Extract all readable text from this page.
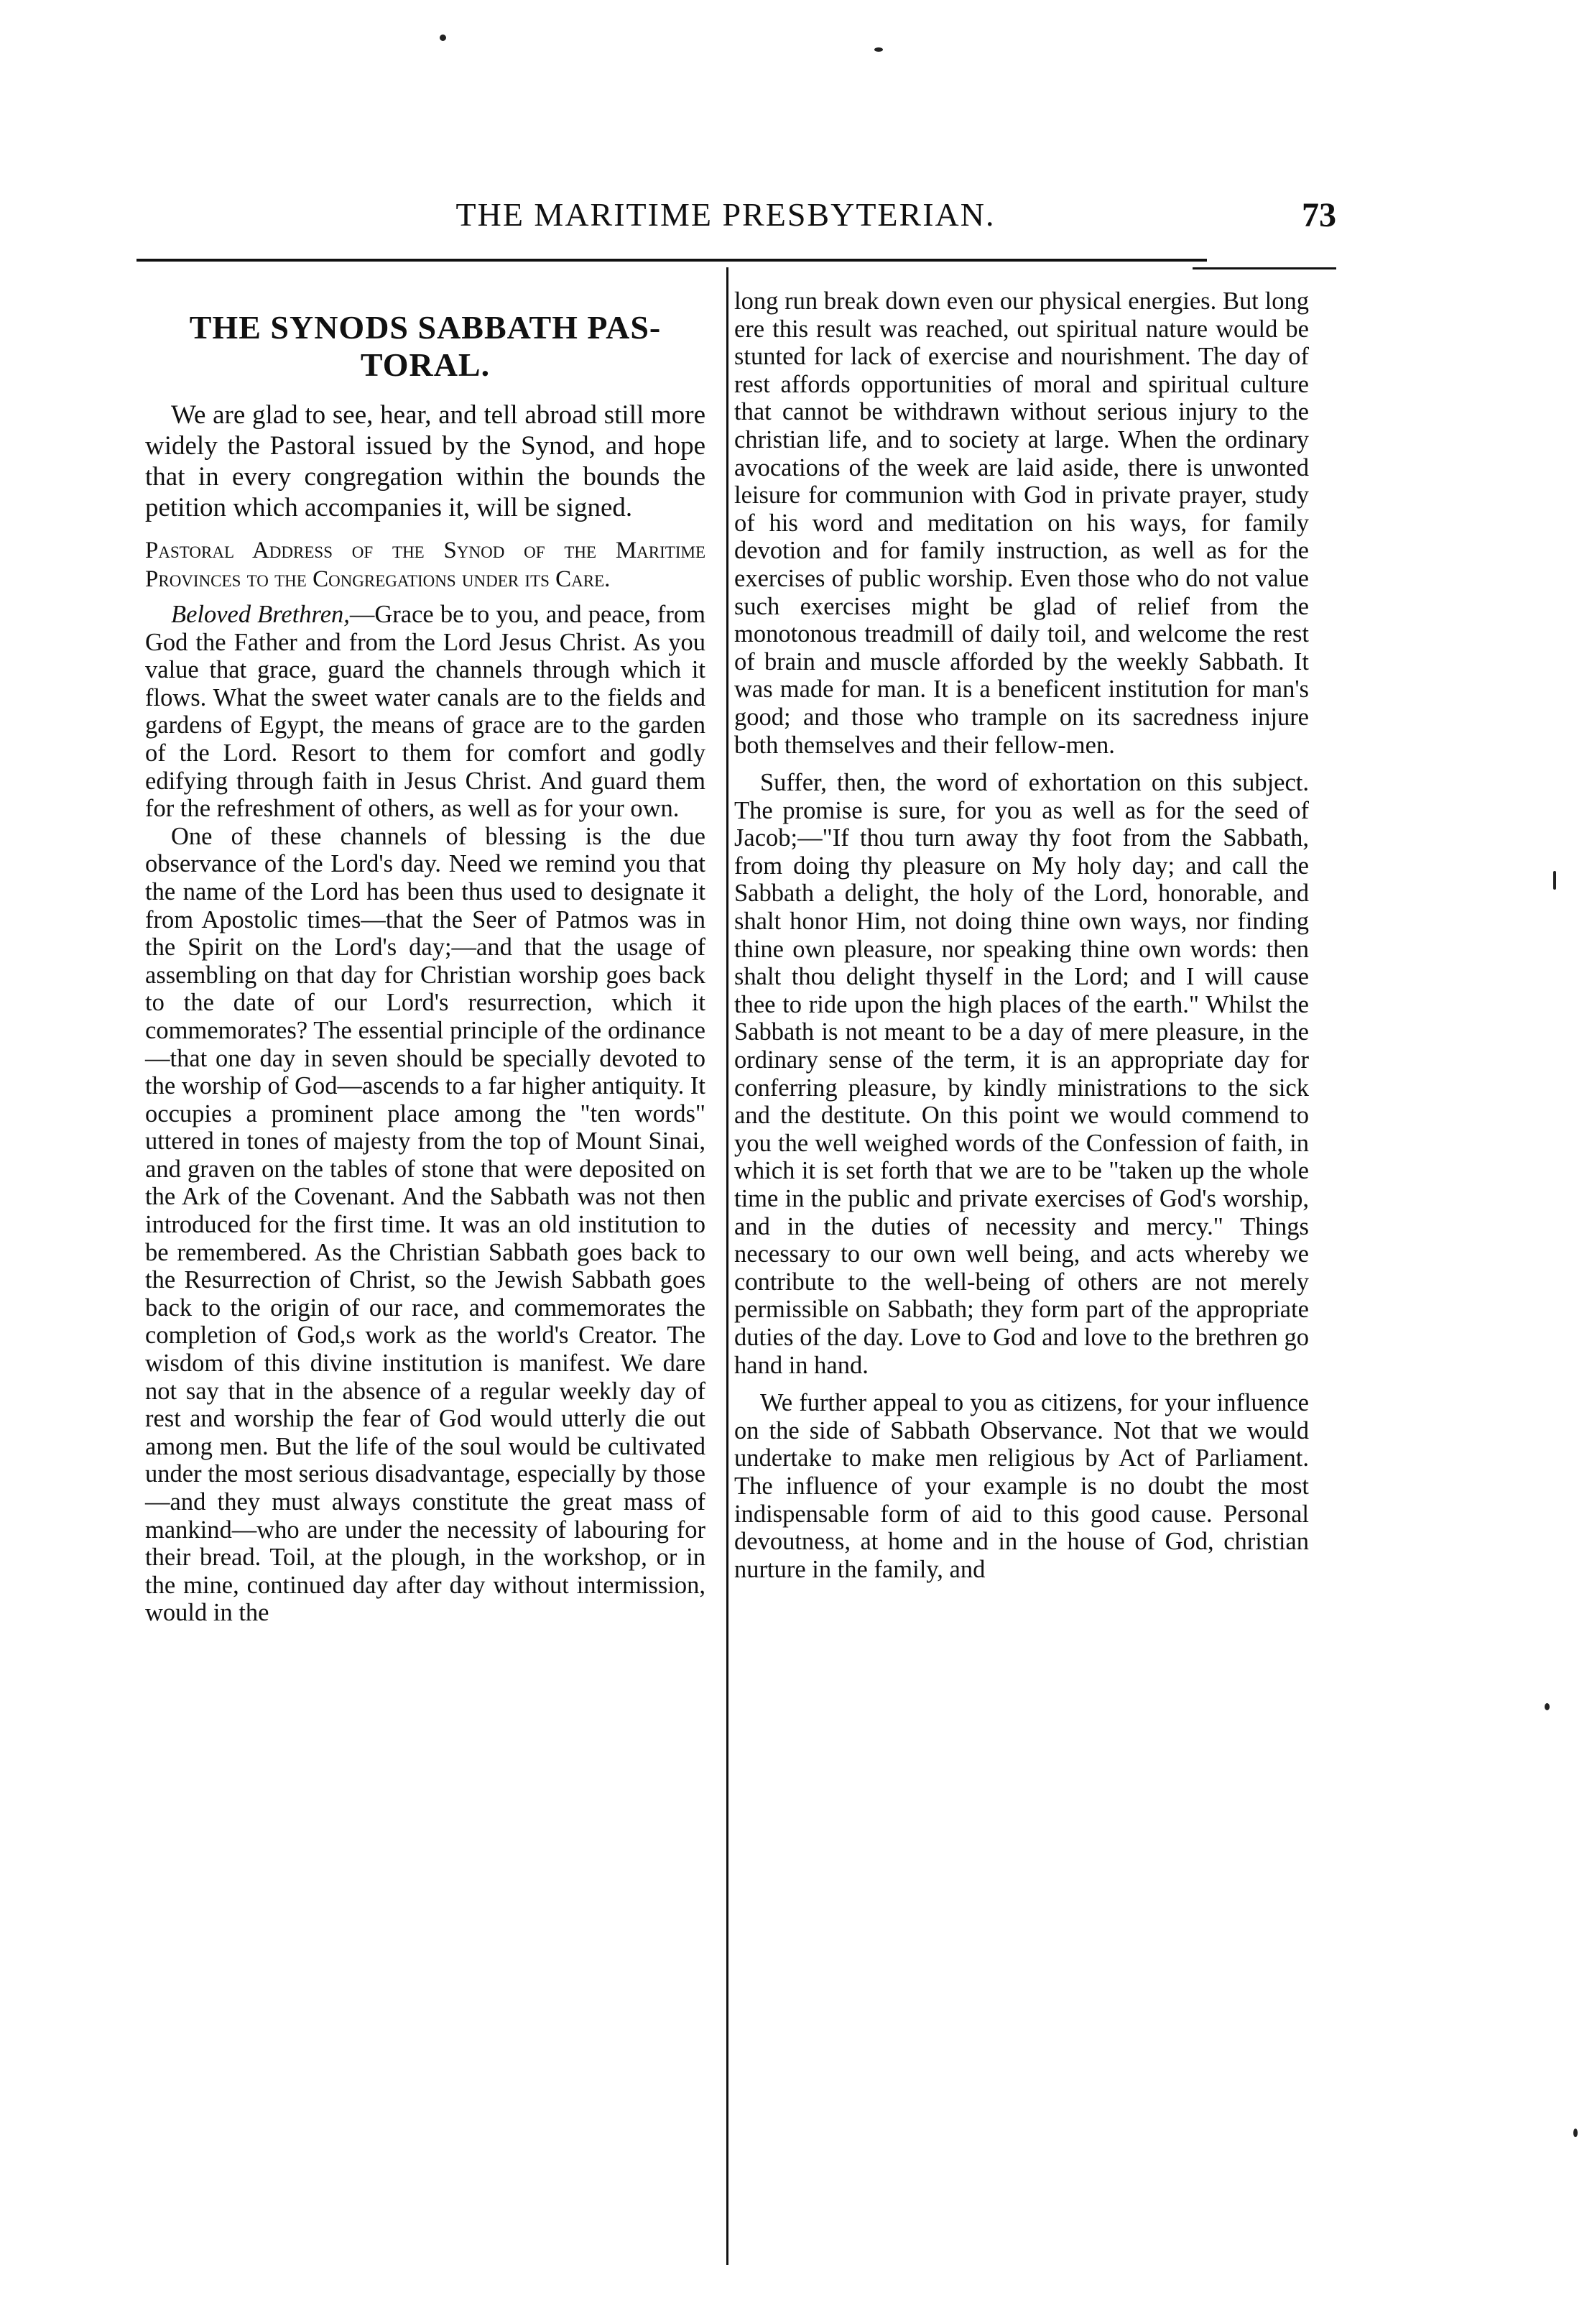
THE MARITIME PRESBYTERIAN.	73
THE SYNODS SABBATH PAS-TORAL.

We are glad to see, hear, and tell abroad still more widely the Pastoral issued by the Synod, and hope that in every congregation within the bounds the petition which accompanies it, will be signed.

Pastoral Address of the Synod of the Maritime Provinces to the Congregations under its Care.

Beloved Brethren,—Grace be to you, and peace, from God the Father and from the Lord Jesus Christ. As you value that grace, guard the channels through which it flows. What the sweet water canals are to the fields and gardens of Egypt, the means of grace are to the garden of the Lord. Resort to them for comfort and godly edifying through faith in Jesus Christ. And guard them for the refreshment of others, as well as for your own.

One of these channels of blessing is the due observance of the Lord's day. Need we remind you that the name of the Lord has been thus used to designate it from Apostolic times—that the Seer of Patmos was in the Spirit on the Lord's day;—and that the usage of assembling on that day for Christian worship goes back to the date of our Lord's resurrection, which it commemorates? The essential principle of the ordinance—that one day in seven should be specially devoted to the worship of God—ascends to a far higher antiquity. It occupies a prominent place among the "ten words" uttered in tones of majesty from the top of Mount Sinai, and graven on the tables of stone that were deposited on the Ark of the Covenant. And the Sabbath was not then introduced for the first time. It was an old institution to be remembered. As the Christian Sabbath goes back to the Resurrection of Christ, so the Jewish Sabbath goes back to the origin of our race, and commemorates the completion of God,s work as the world's Creator. The wisdom of this divine institution is manifest. We dare not say that in the absence of a regular weekly day of rest and worship the fear of God would utterly die out among men. But the life of the soul would be cultivated under the most serious disadvantage, especially by those —and they must always constitute the great mass of mankind—who are under the necessity of labouring for their bread. Toil, at the plough, in the workshop, or in the mine, continued day after day without intermission, would in the

long run break down even our physical energies. But long ere this result was reached, out spiritual nature would be stunted for lack of exercise and nourishment. The day of rest affords opportunities of moral and spiritual culture that cannot be withdrawn without serious injury to the christian life, and to society at large. When the ordinary avocations of the week are laid aside, there is unwonted leisure for communion with God in private prayer, study of his word and meditation on his ways, for family devotion and for family instruction, as well as for the exercises of public worship. Even those who do not value such exercises might be glad of relief from the monotonous treadmill of daily toil, and welcome the rest of brain and muscle afforded by the weekly Sabbath. It was made for man. It is a beneficent institution for man's good; and those who trample on its sacredness injure both themselves and their fellow-men.

Suffer, then, the word of exhortation on this subject. The promise is sure, for you as well as for the seed of Jacob;—"If thou turn away thy foot from the Sabbath, from doing thy pleasure on My holy day; and call the Sabbath a delight, the holy of the Lord, honorable, and shalt honor Him, not doing thine own ways, nor finding thine own pleasure, nor speaking thine own words: then shalt thou delight thyself in the Lord; and I will cause thee to ride upon the high places of the earth." Whilst the Sabbath is not meant to be a day of mere pleasure, in the ordinary sense of the term, it is an appropriate day for conferring pleasure, by kindly ministrations to the sick and the destitute. On this point we would commend to you the well weighed words of the Confession of faith, in which it is set forth that we are to be "taken up the whole time in the public and private exercises of God's worship, and in the duties of necessity and mercy." Things necessary to our own well being, and acts whereby we contribute to the well-being of others are not merely permissible on Sabbath; they form part of the appropriate duties of the day. Love to God and love to the brethren go hand in hand.

We further appeal to you as citizens, for your influence on the side of Sabbath Observance. Not that we would undertake to make men religious by Act of Parliament. The influence of your example is no doubt the most indispensable form of aid to this good cause. Personal devoutness, at home and in the house of God, christian nurture in the family, and
